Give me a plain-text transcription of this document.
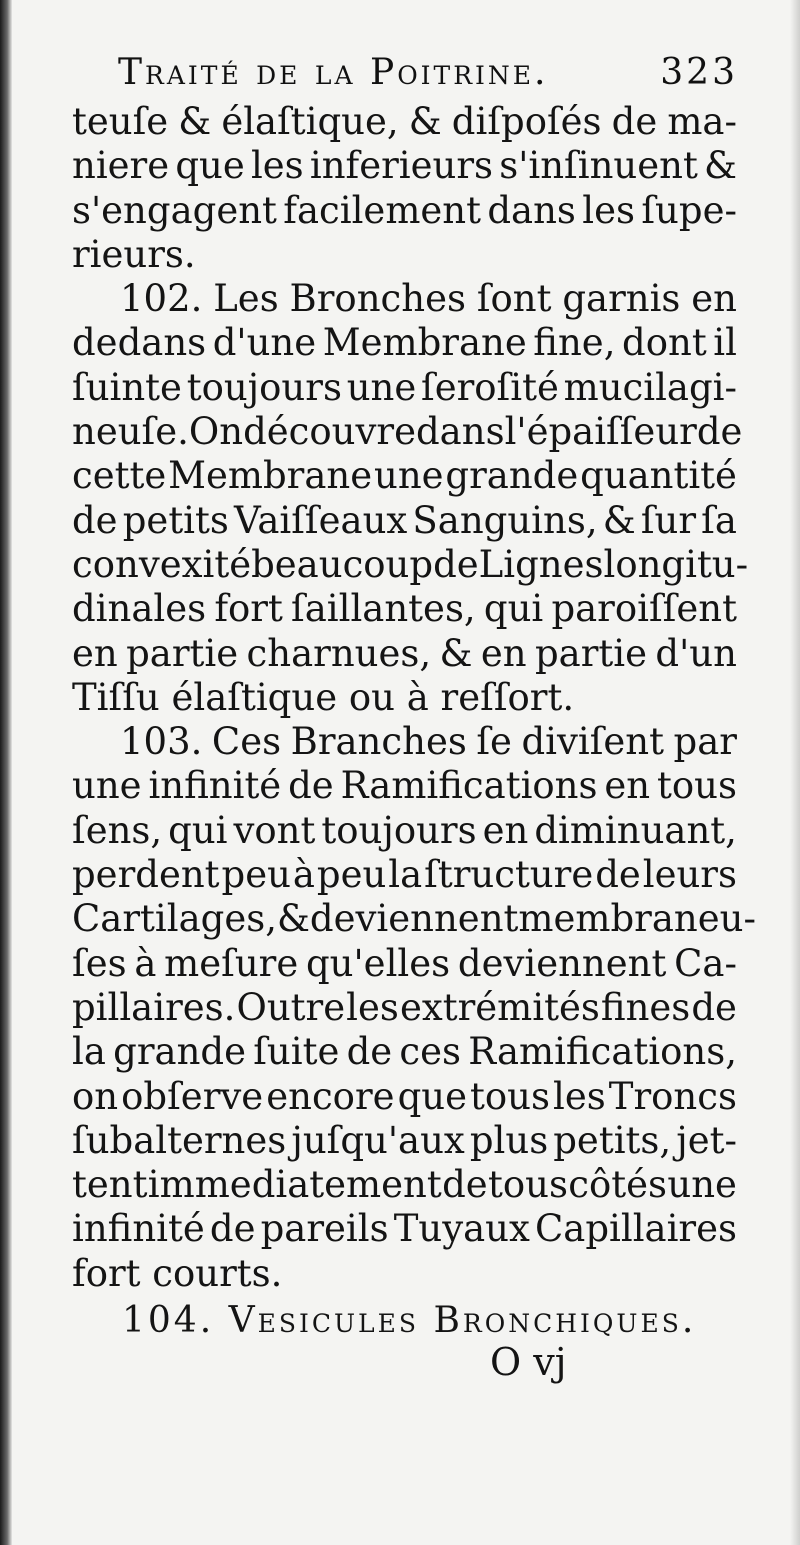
Traité de la Poitrine.	323
teuſe & élaſtique, & diſpoſés de ma-
niere que les inferieurs s'inſinuent &
s'engagent facilement dans les ſupe-
rieurs.
102. Les Bronches ſont garnis en
dedans d'une Membrane fine, dont il
ſuinte toujours une ſeroſité mucilagi-
neuſe. On découvre dans l'épaiſſeur de
cette Membrane une grande quantité
de petits Vaiſſeaux Sanguins, & ſur ſa
convexité beaucoup de Lignes longitu-
dinales fort ſaillantes, qui paroiſſent
en partie charnues, & en partie d'un
Tiſſu élaſtique ou à reſſort.
103. Ces Branches ſe diviſent par
une infinité de Ramifications en tous
ſens, qui vont toujours en diminuant,
perdent peu à peu la ſtructure de leurs
Cartilages, & deviennent membraneu-
ſes à meſure qu'elles deviennent Ca-
pillaires. Outre les extrémités fines de
la grande ſuite de ces Ramifications,
on obſerve encore que tous les Troncs
ſubalternes juſqu'aux plus petits, jet-
tent immediatement de tous côtés une
infinité de pareils Tuyaux Capillaires
fort courts.
104. Vesicules Bronchiques.
O vj
